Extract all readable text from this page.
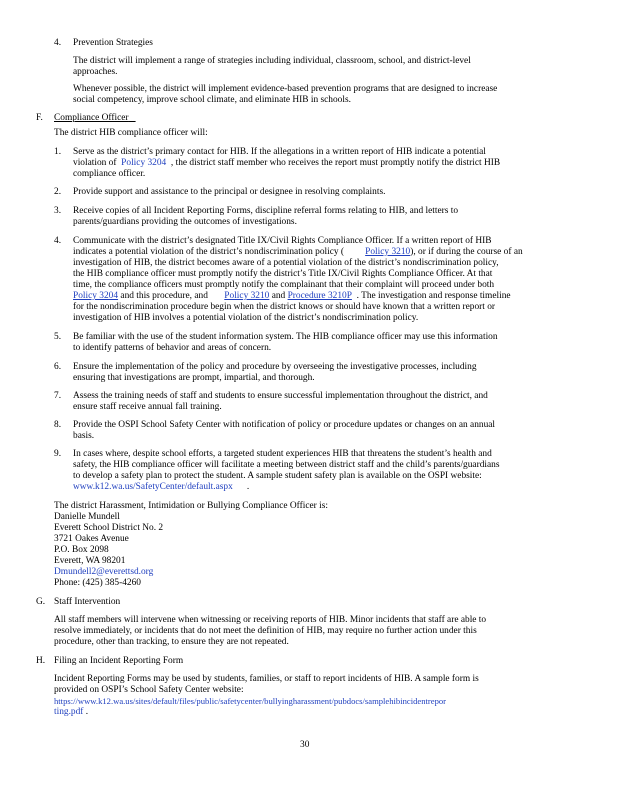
4. Prevention Strategies
The district will implement a range of strategies including individual, classroom, school, and district-level
approaches.
Whenever possible, the district will implement evidence-based prevention programs that are designed to increase
social competency, improve school climate, and eliminate HIB in schools.
F. Compliance Officer
The district HIB compliance officer will:
1. Serve as the district’s primary contact for HIB. If the allegations in a written report of HIB indicate a potential
violation of Policy 3204 , the district staff member who receives the report must promptly notify the district HIB
compliance officer.
2. Provide support and assistance to the principal or designee in resolving complaints.
3. Receive copies of all Incident Reporting Forms, discipline referral forms relating to HIB, and letters to
parents/guardians providing the outcomes of investigations.
4. Communicate with the district’s designated Title IX/Civil Rights Compliance Officer. If a written report of HIB
indicates a potential violation of the district’s nondiscrimination policy ( Policy 3210), or if during the course of an
investigation of HIB, the district becomes aware of a potential violation of the district’s nondiscrimination policy,
the HIB compliance officer must promptly notify the district’s Title IX/Civil Rights Compliance Officer. At that
time, the compliance officers must promptly notify the complainant that their complaint will proceed under both
Policy 3204 and this procedure, and Policy 3210 and Procedure 3210P . The investigation and response timeline
for the nondiscrimination procedure begin when the district knows or should have known that a written report or
investigation of HIB involves a potential violation of the district’s nondiscrimination policy.
5. Be familiar with the use of the student information system. The HIB compliance officer may use this information
to identify patterns of behavior and areas of concern.
6. Ensure the implementation of the policy and procedure by overseeing the investigative processes, including
ensuring that investigations are prompt, impartial, and thorough.
7. Assess the training needs of staff and students to ensure successful implementation throughout the district, and
ensure staff receive annual fall training.
8. Provide the OSPI School Safety Center with notification of policy or procedure updates or changes on an annual
basis.
9. In cases where, despite school efforts, a targeted student experiences HIB that threatens the student’s health and
safety, the HIB compliance officer will facilitate a meeting between district staff and the child’s parents/guardians
to develop a safety plan to protect the student. A sample student safety plan is available on the OSPI website:
www.k12.wa.us/SafetyCenter/default.aspx .
The district Harassment, Intimidation or Bullying Compliance Officer is:
Danielle Mundell
Everett School District No. 2
3721 Oakes Avenue
P.O. Box 2098
Everett, WA 98201
Dmundell2@everettsd.org
Phone: (425) 385-4260
G. Staff Intervention
All staff members will intervene when witnessing or receiving reports of HIB. Minor incidents that staff are able to
resolve immediately, or incidents that do not meet the definition of HIB, may require no further action under this
procedure, other than tracking, to ensure they are not repeated.
H. Filing an Incident Reporting Form
Incident Reporting Forms may be used by students, families, or staff to report incidents of HIB. A sample form is
provided on OSPI’s School Safety Center website:
https://www.k12.wa.us/sites/default/files/public/safetycenter/bullyingharassment/pubdocs/samplehibincidentrepor
ting.pdf .
30
